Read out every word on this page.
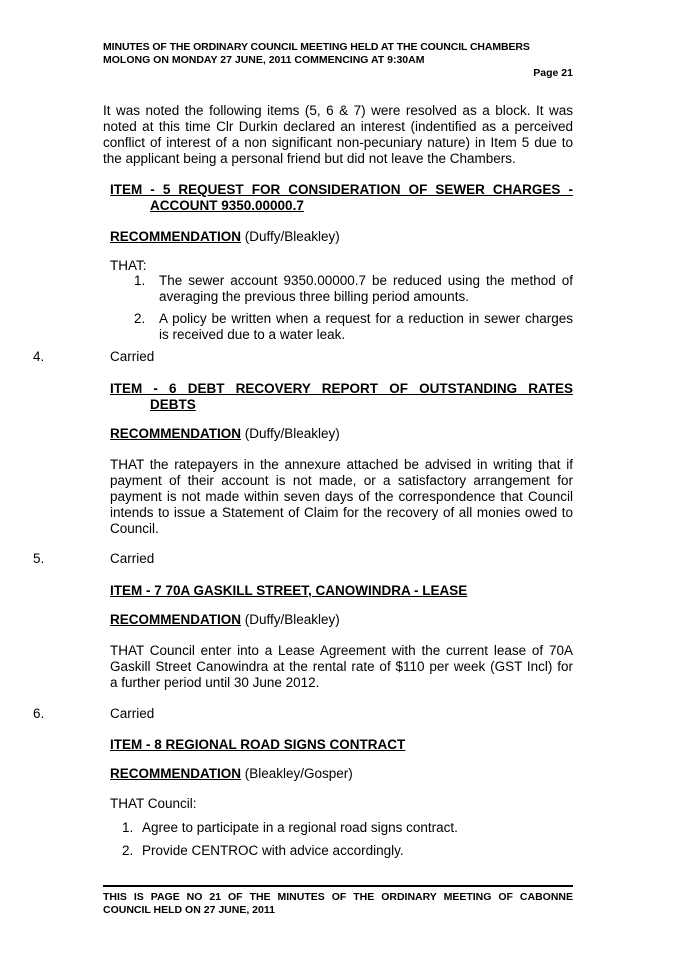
MINUTES OF THE ORDINARY COUNCIL MEETING HELD AT THE COUNCIL CHAMBERS
MOLONG ON MONDAY 27 JUNE, 2011 COMMENCING AT 9:30AM
Page 21
It was noted the following items (5, 6 & 7) were resolved as a block. It was
noted at this time Clr Durkin declared an interest (indentified as a perceived
conflict of interest of a non significant non-pecuniary nature) in Item 5 due to
the applicant being a personal friend but did not leave the Chambers.
ITEM - 5 REQUEST FOR CONSIDERATION OF SEWER CHARGES -
ACCOUNT 9350.00000.7
RECOMMENDATION (Duffy/Bleakley)
THAT:
1. The sewer account 9350.00000.7 be reduced using the method of
averaging the previous three billing period amounts.
2. A policy be written when a request for a reduction in sewer charges
is received due to a water leak.
4.	Carried
ITEM - 6 DEBT RECOVERY REPORT OF OUTSTANDING RATES
DEBTS
RECOMMENDATION (Duffy/Bleakley)
THAT the ratepayers in the annexure attached be advised in writing that if
payment of their account is not made, or a satisfactory arrangement for
payment is not made within seven days of the correspondence that Council
intends to issue a Statement of Claim for the recovery of all monies owed to
Council.
5.	Carried
ITEM - 7 70A GASKILL STREET, CANOWINDRA - LEASE
RECOMMENDATION (Duffy/Bleakley)
THAT Council enter into a Lease Agreement with the current lease of 70A
Gaskill Street Canowindra at the rental rate of $110 per week (GST Incl) for
a further period until 30 June 2012.
6.	Carried
ITEM - 8 REGIONAL ROAD SIGNS CONTRACT
RECOMMENDATION (Bleakley/Gosper)
THAT Council:
1. Agree to participate in a regional road signs contract.
2. Provide CENTROC with advice accordingly.
THIS IS PAGE NO 21 OF THE MINUTES OF THE ORDINARY MEETING OF CABONNE
COUNCIL HELD ON 27 JUNE, 2011
